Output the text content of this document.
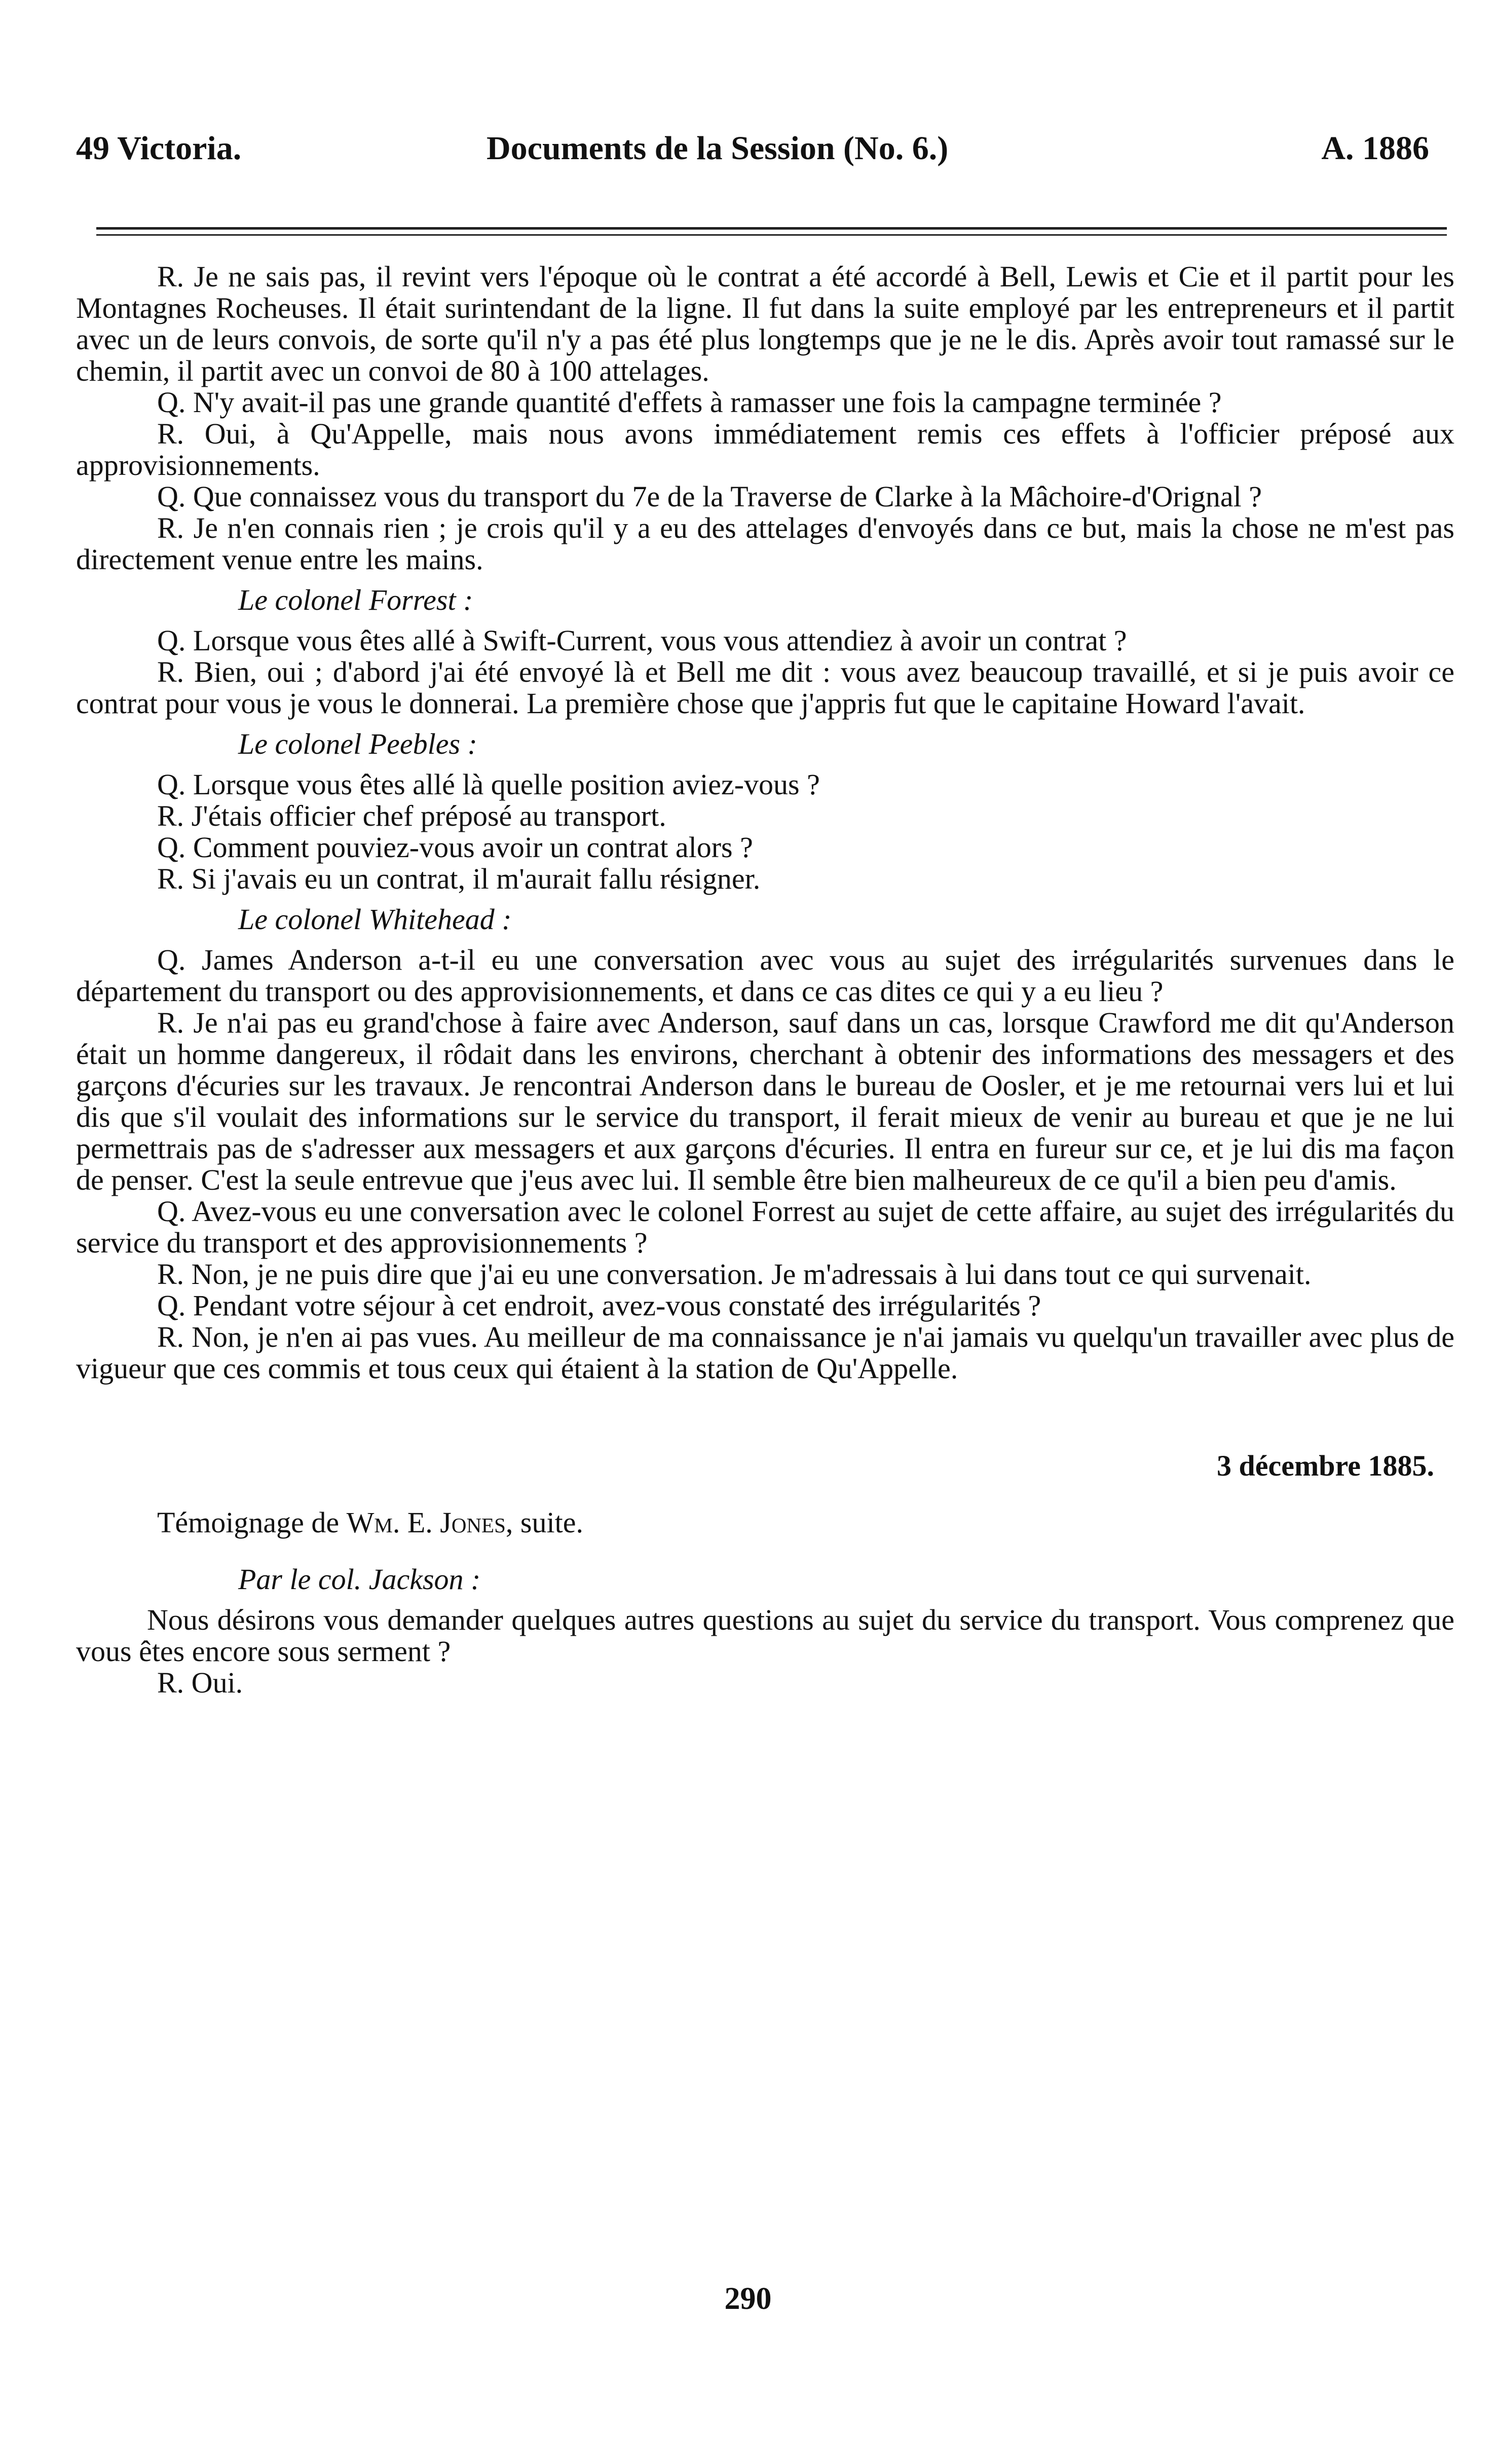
49 Victoria.	Documents de la Session (No. 6.)	A. 1886

R. Je ne sais pas, il revint vers l'époque où le contrat a été accordé à Bell, Lewis et Cie et il partit pour les Montagnes Rocheuses. Il était surintendant de la ligne. Il fut dans la suite employé par les entrepreneurs et il partit avec un de leurs convois, de sorte qu'il n'y a pas été plus longtemps que je ne le dis. Après avoir tout ramassé sur le chemin, il partit avec un convoi de 80 à 100 attelages.

Q. N'y avait-il pas une grande quantité d'effets à ramasser une fois la campagne terminée ?

R. Oui, à Qu'Appelle, mais nous avons immédiatement remis ces effets à l'officier préposé aux approvisionnements.

Q. Que connaissez vous du transport du 7e de la Traverse de Clarke à la Mâchoire-d'Orignal ?

R. Je n'en connais rien ; je crois qu'il y a eu des attelages d'envoyés dans ce but, mais la chose ne m'est pas directement venue entre les mains.

Le colonel Forrest :

Q. Lorsque vous êtes allé à Swift-Current, vous vous attendiez à avoir un contrat ?

R. Bien, oui ; d'abord j'ai été envoyé là et Bell me dit : vous avez beaucoup travaillé, et si je puis avoir ce contrat pour vous je vous le donnerai. La première chose que j'appris fut que le capitaine Howard l'avait.

Le colonel Peebles :

Q. Lorsque vous êtes allé là quelle position aviez-vous ?

R. J'étais officier chef préposé au transport.

Q. Comment pouviez-vous avoir un contrat alors ?

R. Si j'avais eu un contrat, il m'aurait fallu résigner.

Le colonel Whitehead :

Q. James Anderson a-t-il eu une conversation avec vous au sujet des irrégularités survenues dans le département du transport ou des approvisionnements, et dans ce cas dites ce qui y a eu lieu ?

R. Je n'ai pas eu grand'chose à faire avec Anderson, sauf dans un cas, lorsque Crawford me dit qu'Anderson était un homme dangereux, il rôdait dans les environs, cherchant à obtenir des informations des messagers et des garçons d'écuries sur les travaux. Je rencontrai Anderson dans le bureau de Oosler, et je me retournai vers lui et lui dis que s'il voulait des informations sur le service du transport, il ferait mieux de venir au bureau et que je ne lui permettrais pas de s'adresser aux messagers et aux garçons d'écuries. Il entra en fureur sur ce, et je lui dis ma façon de penser. C'est la seule entrevue que j'eus avec lui. Il semble être bien malheureux de ce qu'il a bien peu d'amis.

Q. Avez-vous eu une conversation avec le colonel Forrest au sujet de cette affaire, au sujet des irrégularités du service du transport et des approvisionnements ?

R. Non, je ne puis dire que j'ai eu une conversation. Je m'adressais à lui dans tout ce qui survenait.

Q. Pendant votre séjour à cet endroit, avez-vous constaté des irrégularités ?

R. Non, je n'en ai pas vues. Au meilleur de ma connaissance je n'ai jamais vu quelqu'un travailler avec plus de vigueur que ces commis et tous ceux qui étaient à la station de Qu'Appelle.

3 décembre 1885.

Témoignage de Wm. E. Jones, suite.

Par le col. Jackson :

Nous désirons vous demander quelques autres questions au sujet du service du transport. Vous comprenez que vous êtes encore sous serment ?

R. Oui.

290
